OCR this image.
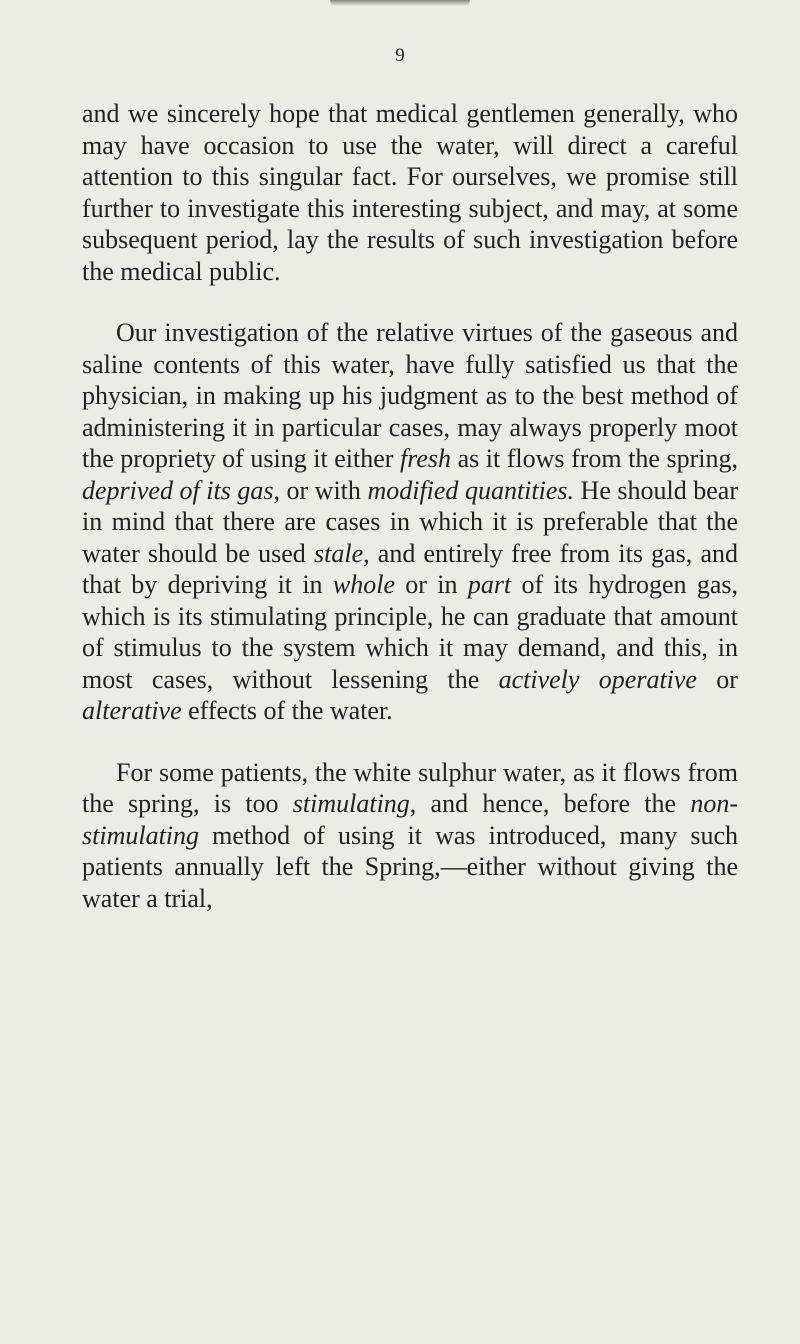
9

and we sincerely hope that medical gentlemen generally, who may have occasion to use the water, will direct a careful attention to this singular fact. For ourselves, we promise still further to investigate this interesting subject, and may, at some subsequent period, lay the results of such investigation before the medical public.

Our investigation of the relative virtues of the gaseous and saline contents of this water, have fully satisfied us that the physician, in making up his judgment as to the best method of administering it in particular cases, may always properly moot the propriety of using it either fresh as it flows from the spring, deprived of its gas, or with modified quantities. He should bear in mind that there are cases in which it is preferable that the water should be used stale, and entirely free from its gas, and that by depriving it in whole or in part of its hydrogen gas, which is its stimulating principle, he can graduate that amount of stimulus to the system which it may demand, and this, in most cases, without lessening the actively operative or alterative effects of the water.

For some patients, the white sulphur water, as it flows from the spring, is too stimulating, and hence, before the non-stimulating method of using it was introduced, many such patients annually left the Spring,—either without giving the water a trial,
